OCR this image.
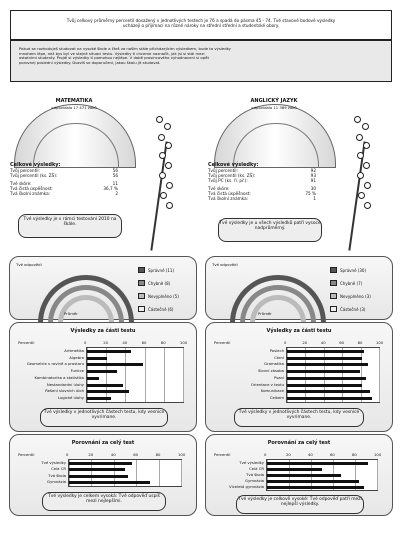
Tvůj celkový průměrný percentil dosažený v jednotlivých testech je 76 a spadá do pásma 45 - 74. Tvé stavové bodové výsledky
ucházejí o přijímací na různé nároky na střední střední a studentské obory.
Pokud se rozhoduješ studovat na vysoké škole a čteš za naším stále přicházejícím výsledkem, bude ta výsledky
mnohem lépe, než bys byl ve stejné situaci testu. Výsledky ti chceme naznačit, jak jsi si stál mezi
ostatními studenty. Projdi si výsledky ti pomohou nejlépe. V době prosincového vyhodnocení si opět
porovnej poslední výsledky. Dozvíš se doporučení, jakou školu jít studovat.
MATEMATIKA
odpovídalo 17 471 žáků
Celkové výsledky:
Tvůj percentil:	56
Tvůj percentil (ks. ZŠ):	56
Tvé skóre:	11
Tvá čistá úspěšnost:	36,7 %
Tvá školní známka:	2
Tvé výsledky je v rámci testování 2010 na škále.
Tvé odpovědi
Průměr
Správně (11)
Chybně (8)
Nevyplněno (5)
Částečně (6)
Výsledky za části testu
Percentil	0	20	40	60	80	100
Aritmetika
Algebra
Geometrie v rovině a prostoru
Funkce
Kombinatorika a statistika
Nestandardní úlohy
Řešení slovních úloh
Logické úlohy
Tvé výsledky v jednotlivých částech testu, kdy vesnice vyvrimane.
Porovnání za celý test
Percentil	0	20	40	60	80	100
Tvé výsledky
Celá ČR
Tvá škola
Gymnázia
Tvé výsledky je celkem vysoká: Tvé odpověď uspíš mezi nejlepšími.
ANGLICKÝ JAZYK
odpovídalo 11 389 žáků
Celkové výsledky:
Tvůj percentil:	92
Tvůj percentil (ks. ZŠ):	93
Tvůj PC (ks. ří. př.):	91
Tvé skóre:	30
Tvá čistá úspěšnost:	75 %
Tvá školní známka:	1
Tvé výsledky je u všech výsledků patří vysoce nadprůměrný.
Tvé odpovědi
Průměr
Správně (30)
Chybně (7)
Nevyplněno (3)
Částečně (3)
Výsledky za části testu
Percentil	0	20	40	60	80	100
Poslech
Čtení
Gramatika
Slovní zásoba
Psaní
Orientace v textu
Komunikace
Celkem
Tvé výsledky v jednotlivých částech testu, kdy vesnice vyvrimane.
Porovnání za celý test
Percentil	0	20	40	60	80	100
Tvé výsledky
Celá ČR
Tvá škola
Gymnázia
Víceletá gymnázia
Tvé výsledky je celkově vysoké: Tvé odpověď patří mezi nejlepší výsledky.
